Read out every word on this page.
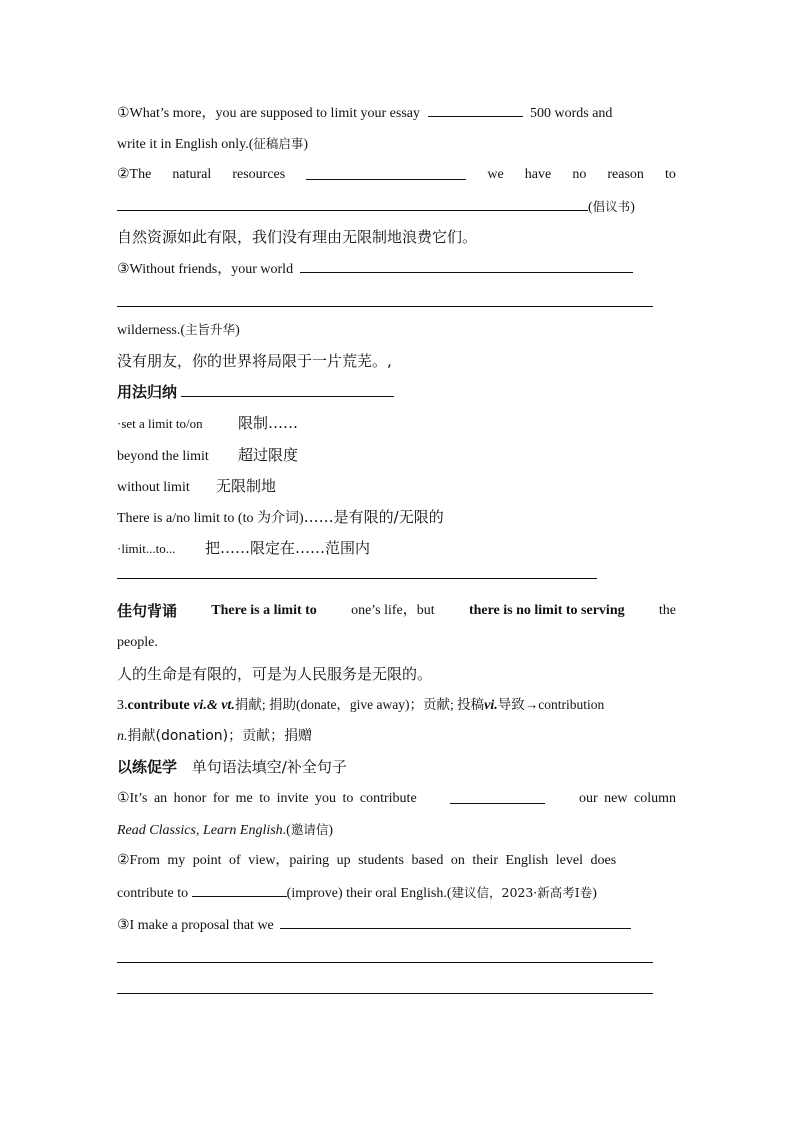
①What’s more，you are supposed to limit your essay	500 words and
write it in English only.(征稿启事)
②The natural resources	we have no reason to
(倡议书)
自然资源如此有限，我们没有理由无限制地浪费它们。
③Without friends，your world
wilderness.(主旨升华)
没有朋友，你的世界将局限于一片荒芜。,
用法归纳
·set a limit to/on 限制……
beyond the limit 超过限度
without limit 无限制地
There is a/no limit to (to 为介词)……是有限的/无限的
·limit...to... 把……限定在……范围内
佳句背诵 There is a limit to one’s life，but there is no limit to serving the
people.
人的生命是有限的，可是为人民服务是无限的。
3.contribute vi.& vt.捐献; 捐助(donate，give away)；贡献; 投稿vi.导致→contribution
n.捐献(donation)；贡献；捐赠
以练促学 单句语法填空/补全句子
①It’s an honor for me to invite you to contribute	our new column
Read Classics, Learn English.(邀请信)
②From my point of view，pairing up students based on their English level does
contribute to	(improve) their oral English.(建议信，2023·新高考Ⅰ卷)
③I make a proposal that we
